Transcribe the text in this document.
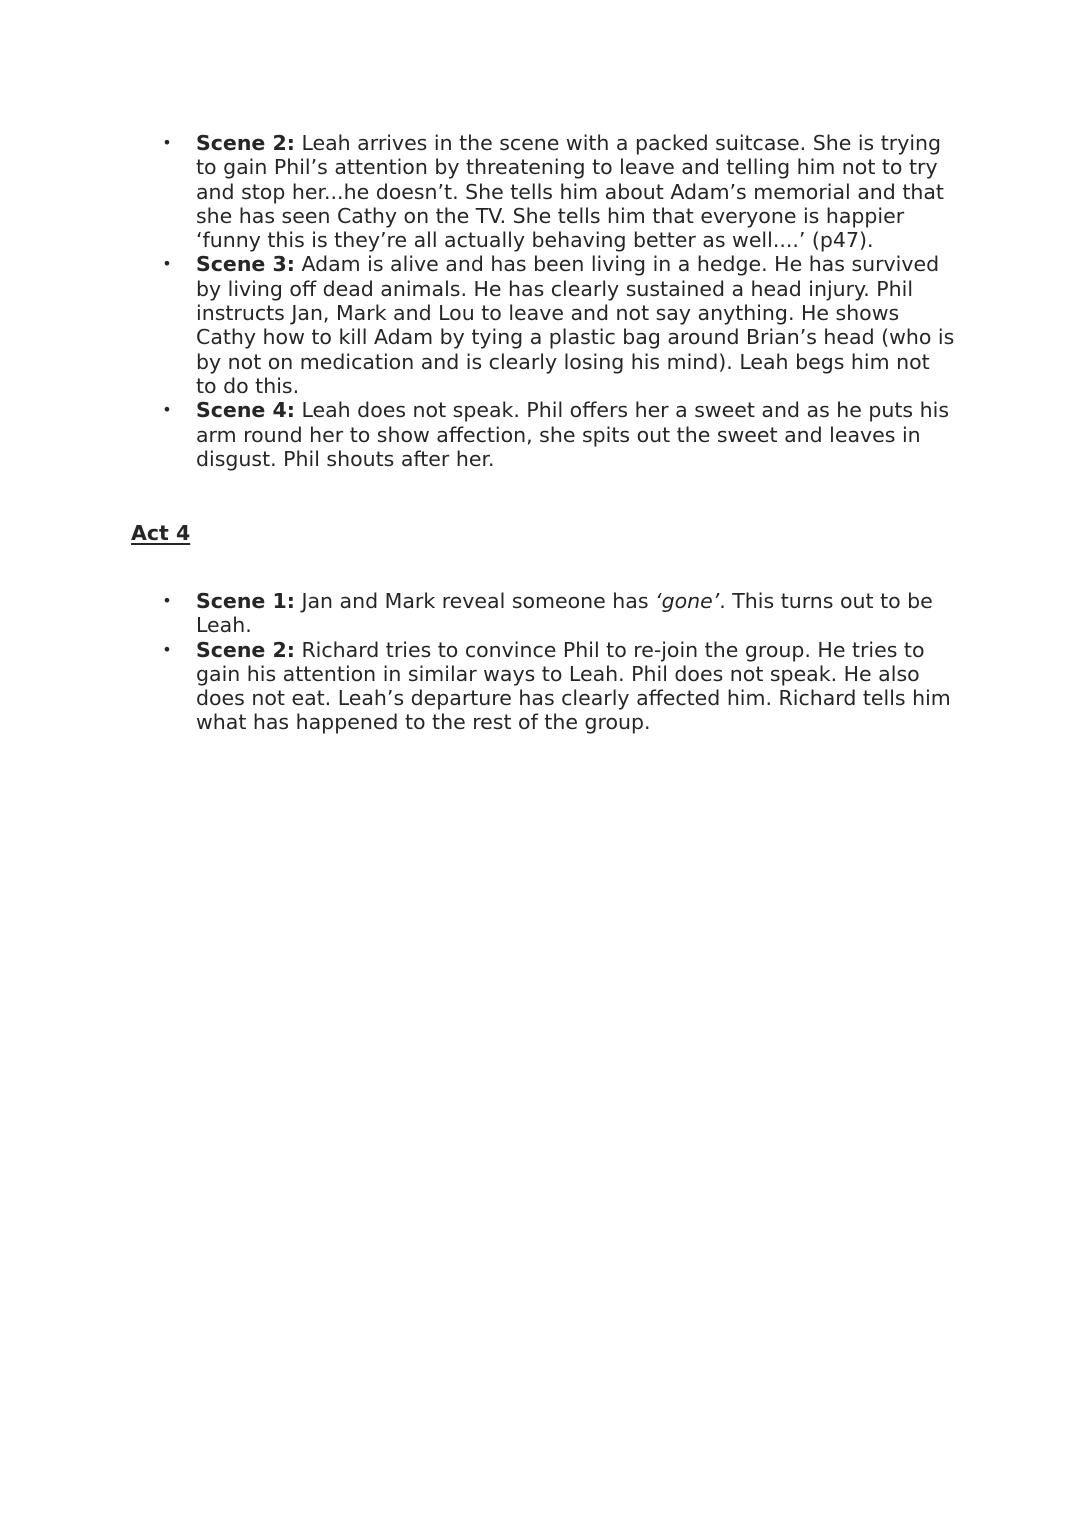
• Scene 2: Leah arrives in the scene with a packed suitcase. She is trying to gain Phil’s attention by threatening to leave and telling him not to try and stop her...he doesn’t. She tells him about Adam’s memorial and that she has seen Cathy on the TV. She tells him that everyone is happier ‘funny this is they’re all actually behaving better as well....’ (p47).
• Scene 3: Adam is alive and has been living in a hedge. He has survived by living off dead animals. He has clearly sustained a head injury. Phil instructs Jan, Mark and Lou to leave and not say anything. He shows Cathy how to kill Adam by tying a plastic bag around Brian’s head (who is by not on medication and is clearly losing his mind). Leah begs him not to do this.
• Scene 4: Leah does not speak. Phil offers her a sweet and as he puts his arm round her to show affection, she spits out the sweet and leaves in disgust. Phil shouts after her.
Act 4
• Scene 1: Jan and Mark reveal someone has ‘gone’. This turns out to be Leah.
• Scene 2: Richard tries to convince Phil to re-join the group. He tries to gain his attention in similar ways to Leah. Phil does not speak. He also does not eat. Leah’s departure has clearly affected him. Richard tells him what has happened to the rest of the group.
